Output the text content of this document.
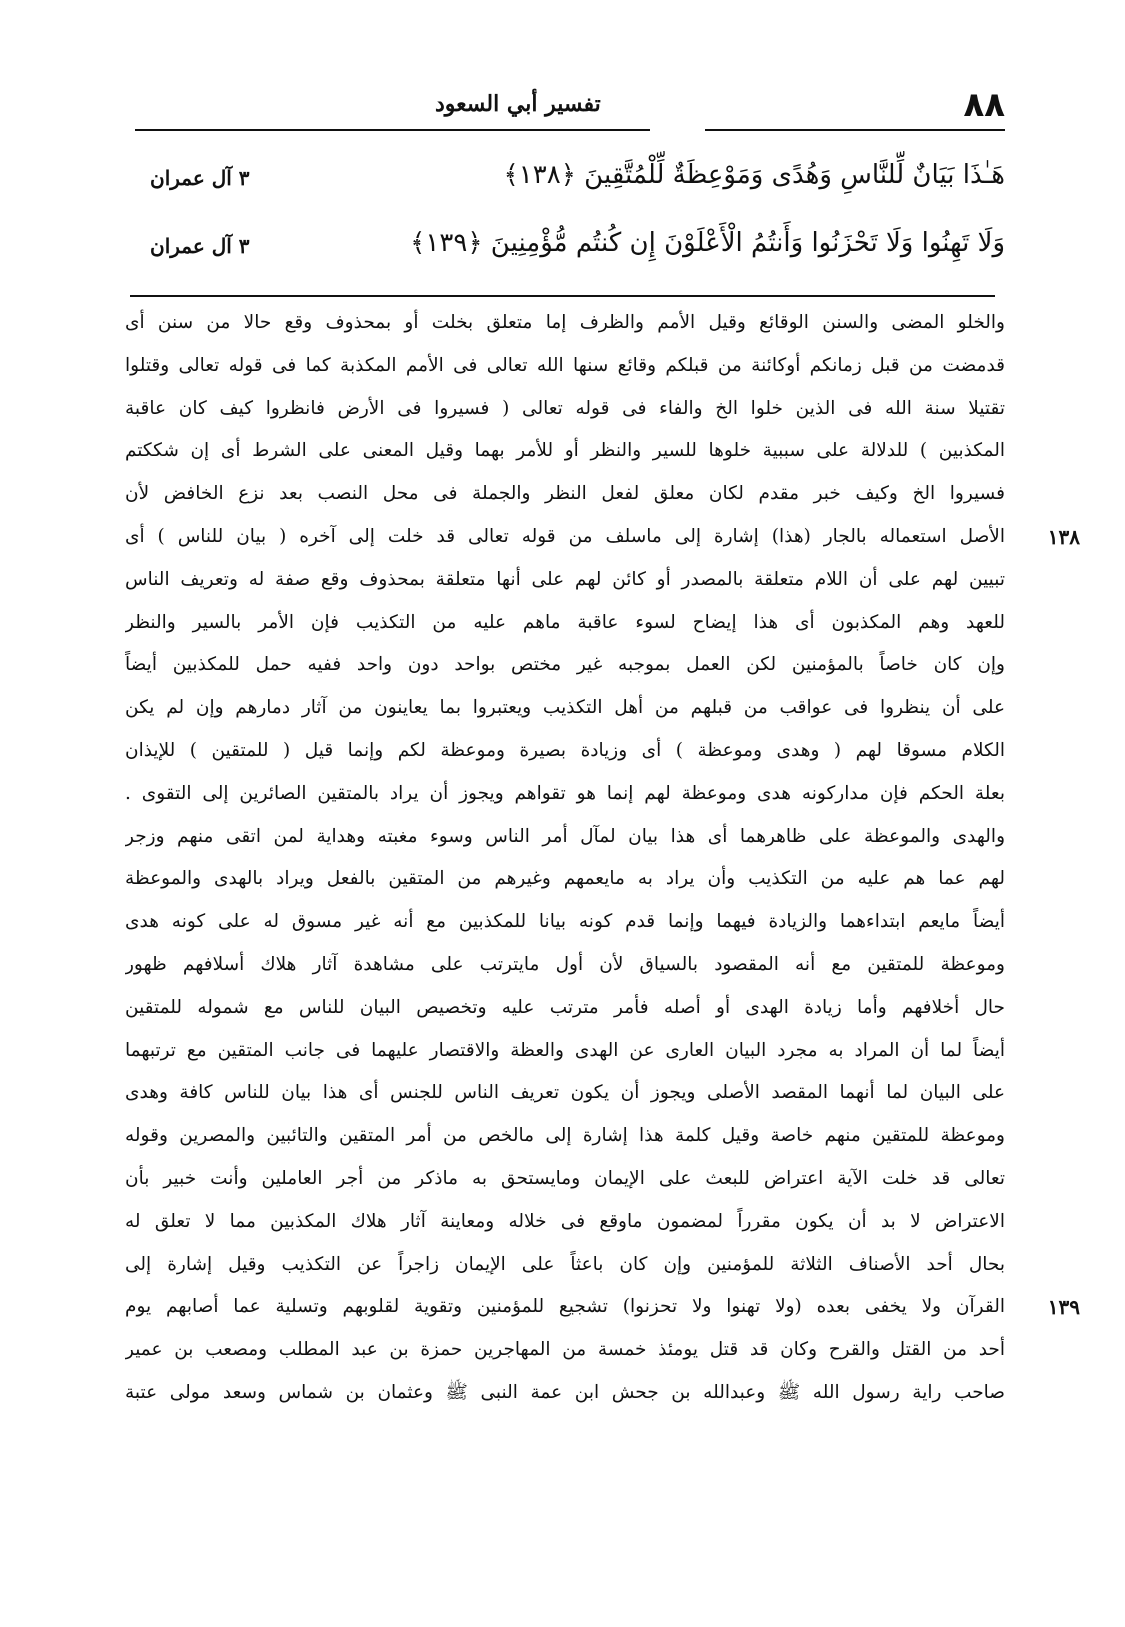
٨٨
تفسير أبي السعود
هَـٰذَا بَيَانٌ لِّلنَّاسِ وَهُدًى وَمَوْعِظَةٌ لِّلْمُتَّقِينَ ﴿١٣٨﴾
٣ آل عمران
وَلَا تَهِنُوا وَلَا تَحْزَنُوا وَأَنتُمُ الْأَعْلَوْنَ إِن كُنتُم مُّؤْمِنِينَ ﴿١٣٩﴾
٣ آل عمران
والخلو المضى والسنن الوقائع وقيل الأمم والظرف إما متعلق بخلت أو بمحذوف وقع حالا من سنن أى
قدمضت من قبل زمانكم أوكائنة من قبلكم وقائع سنها الله تعالى فى الأمم المكذبة كما فى قوله تعالى وقتلوا
تقتيلا سنة الله فى الذين خلوا الخ والفاء فى قوله تعالى ( فسيروا فى الأرض فانظروا كيف كان عاقبة
المكذبين ) للدلالة على سببية خلوها للسير والنظر أو للأمر بهما وقيل المعنى على الشرط أى إن شككتم
فسيروا الخ وكيف خبر مقدم لكان معلق لفعل النظر والجملة فى محل النصب بعد نزع الخافض لأن
الأصل استعماله بالجار (هذا) إشارة إلى ماسلف من قوله تعالى قد خلت إلى آخره ( بيان للناس ) أى	١٣٨
تبيين لهم على أن اللام متعلقة بالمصدر أو كائن لهم على أنها متعلقة بمحذوف وقع صفة له وتعريف الناس
للعهد وهم المكذبون أى هذا إيضاح لسوء عاقبة ماهم عليه من التكذيب فإن الأمر بالسير والنظر
وإن كان خاصاً بالمؤمنين لكن العمل بموجبه غير مختص بواحد دون واحد ففيه حمل للمكذبين أيضاً
على أن ينظروا فى عواقب من قبلهم من أهل التكذيب ويعتبروا بما يعاينون من آثار دمارهم وإن لم يكن
الكلام مسوقا لهم ( وهدى وموعظة ) أى وزيادة بصيرة وموعظة لكم وإنما قيل ( للمتقين ) للإيذان
بعلة الحكم فإن مداركونه هدى وموعظة لهم إنما هو تقواهم ويجوز أن يراد بالمتقين الصائرين إلى التقوى .
والهدى والموعظة على ظاهرهما أى هذا بيان لمآل أمر الناس وسوء مغبته وهداية لمن اتقى منهم وزجر
لهم عما هم عليه من التكذيب وأن يراد به مايعمهم وغيرهم من المتقين بالفعل ويراد بالهدى والموعظة
أيضاً مايعم ابتداءهما والزيادة فيهما وإنما قدم كونه بيانا للمكذبين مع أنه غير مسوق له على كونه هدى
وموعظة للمتقين مع أنه المقصود بالسياق لأن أول مايترتب على مشاهدة آثار هلاك أسلافهم ظهور
حال أخلافهم وأما زيادة الهدى أو أصله فأمر مترتب عليه وتخصيص البيان للناس مع شموله للمتقين
أيضاً لما أن المراد به مجرد البيان العارى عن الهدى والعظة والاقتصار عليهما فى جانب المتقين مع ترتبهما
على البيان لما أنهما المقصد الأصلى ويجوز أن يكون تعريف الناس للجنس أى هذا بيان للناس كافة وهدى
وموعظة للمتقين منهم خاصة وقيل كلمة هذا إشارة إلى مالخص من أمر المتقين والتائبين والمصرين وقوله
تعالى قد خلت الآية اعتراض للبعث على الإيمان ومايستحق به ماذكر من أجر العاملين وأنت خبير بأن
الاعتراض لا بد أن يكون مقرراً لمضمون ماوقع فى خلاله ومعاينة آثار هلاك المكذبين مما لا تعلق له
بحال أحد الأصناف الثلاثة للمؤمنين وإن كان باعثاً على الإيمان زاجراً عن التكذيب وقيل إشارة إلى
القرآن ولا يخفى بعده (ولا تهنوا ولا تحزنوا) تشجيع للمؤمنين وتقوية لقلوبهم وتسلية عما أصابهم يوم	١٣٩
أحد من القتل والقرح وكان قد قتل يومئذ خمسة من المهاجرين حمزة بن عبد المطلب ومصعب بن عمير
صاحب راية رسول الله ﷺ وعبدالله بن جحش ابن عمة النبى ﷺ وعثمان بن شماس وسعد مولى عتبة
